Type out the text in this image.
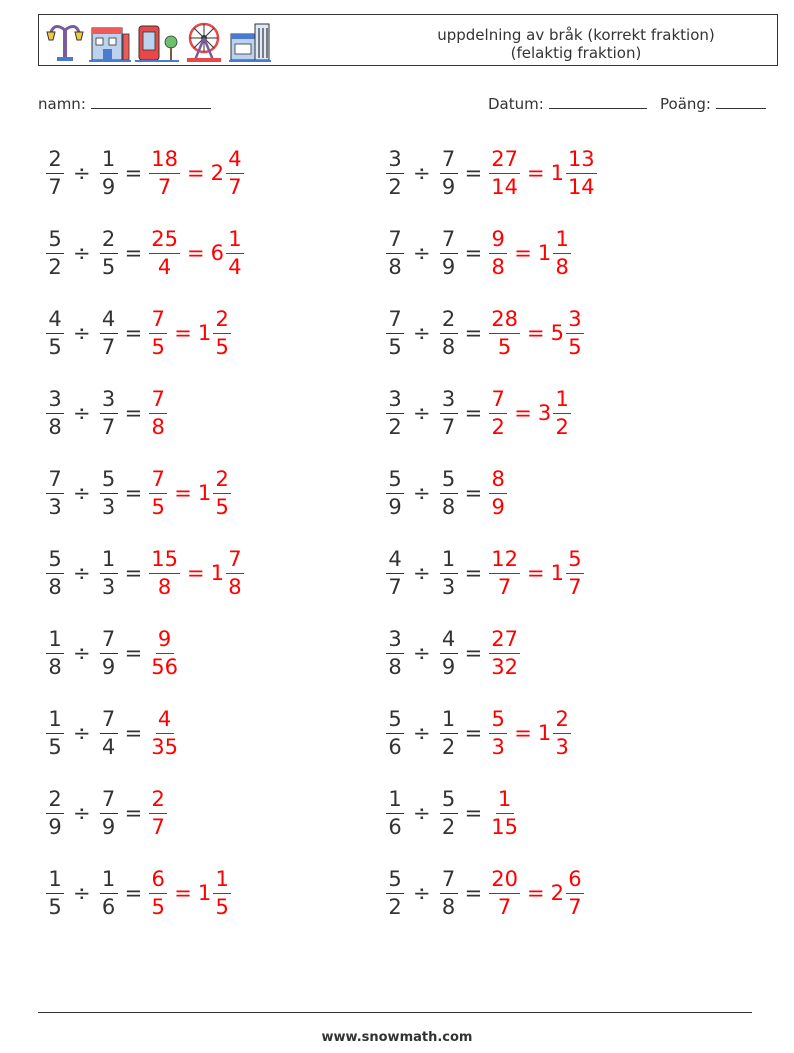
uppdelning av bråk (korrekt fraktion)
(felaktig fraktion)
namn:	Datum:	Poäng:
$\frac{2}{7} \div \frac{1}{9} = \frac{18}{7} = 2 \frac{4}{7}$
$\frac{5}{2} \div \frac{2}{5} = \frac{25}{4} = 6 \frac{1}{4}$
$\frac{4}{5} \div \frac{4}{7} = \frac{7}{5} = 1 \frac{2}{5}$
$\frac{3}{8} \div \frac{3}{7} = \frac{7}{8}$
$\frac{7}{3} \div \frac{5}{3} = \frac{7}{5} = 1 \frac{2}{5}$
$\frac{5}{8} \div \frac{1}{3} = \frac{15}{8} = 1 \frac{7}{8}$
$\frac{1}{8} \div \frac{7}{9} = \frac{9}{56}$
$\frac{1}{5} \div \frac{7}{4} = \frac{4}{35}$
$\frac{2}{9} \div \frac{7}{9} = \frac{2}{7}$
$\frac{1}{5} \div \frac{1}{6} = \frac{6}{5} = 1 \frac{1}{5}$
$\frac{3}{2} \div \frac{7}{9} = \frac{27}{14} = 1 \frac{13}{14}$
$\frac{7}{8} \div \frac{7}{9} = \frac{9}{8} = 1 \frac{1}{8}$
$\frac{7}{5} \div \frac{2}{8} = \frac{28}{5} = 5 \frac{3}{5}$
$\frac{3}{2} \div \frac{3}{7} = \frac{7}{2} = 3 \frac{1}{2}$
$\frac{5}{9} \div \frac{5}{8} = \frac{8}{9}$
$\frac{4}{7} \div \frac{1}{3} = \frac{12}{7} = 1 \frac{5}{7}$
$\frac{3}{8} \div \frac{4}{9} = \frac{27}{32}$
$\frac{5}{6} \div \frac{1}{2} = \frac{5}{3} = 1 \frac{2}{3}$
$\frac{1}{6} \div \frac{5}{2} = \frac{1}{15}$
$\frac{5}{2} \div \frac{7}{8} = \frac{20}{7} = 2 \frac{6}{7}$
www.snowmath.com
